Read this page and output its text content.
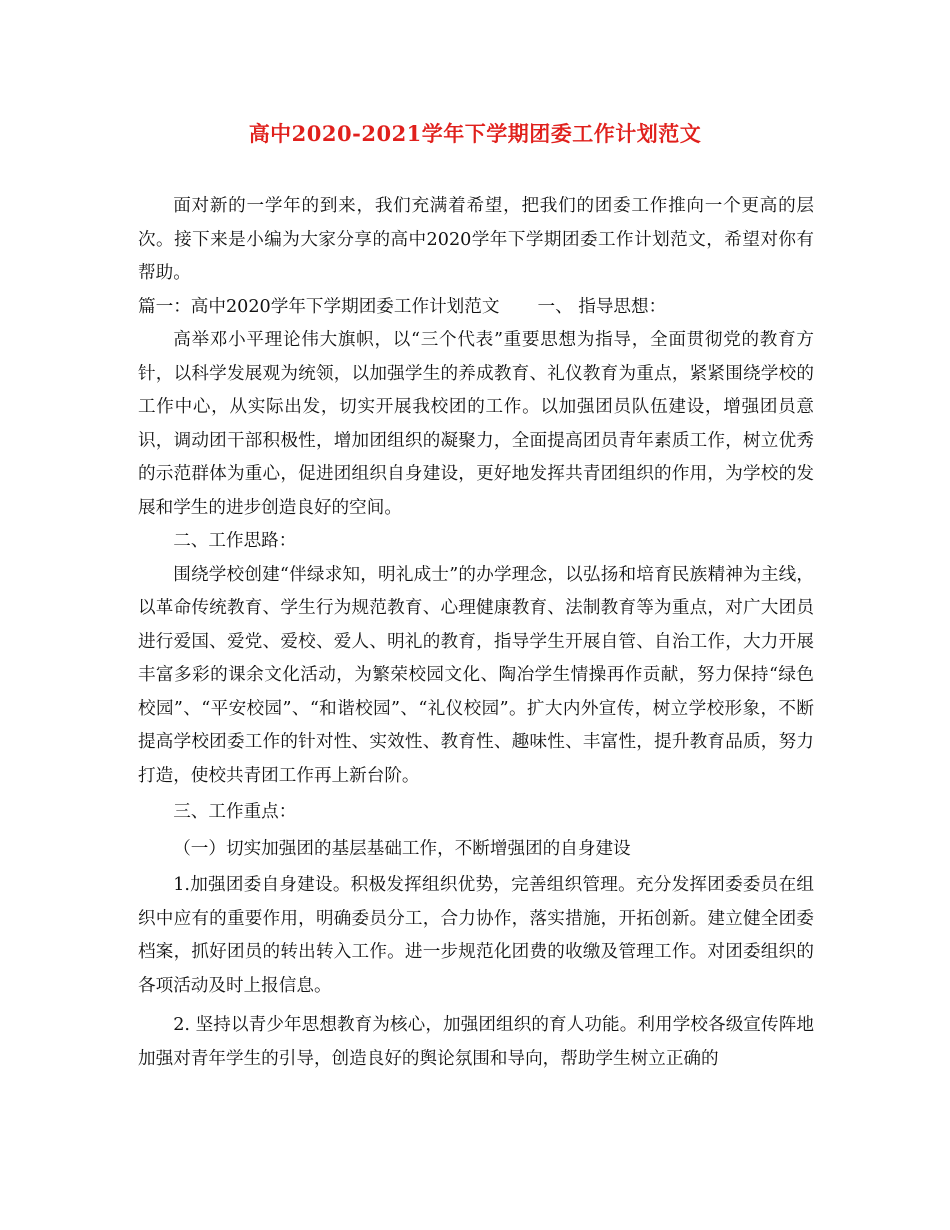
高中2020-2021学年下学期团委工作计划范文

面对新的一学年的到来，我们充满着希望，把我们的团委工作推向一个更高的层次。接下来是小编为大家分享的高中2020学年下学期团委工作计划范文，希望对你有帮助。

篇一：高中2020学年下学期团委工作计划范文 一、 指导思想：

高举邓小平理论伟大旗帜，以“三个代表”重要思想为指导，全面贯彻党的教育方针，以科学发展观为统领，以加强学生的养成教育、礼仪教育为重点，紧紧围绕学校的工作中心，从实际出发，切实开展我校团的工作。以加强团员队伍建设，增强团员意识，调动团干部积极性，增加团组织的凝聚力，全面提高团员青年素质工作，树立优秀的示范群体为重心，促进团组织自身建设，更好地发挥共青团组织的作用，为学校的发展和学生的进步创造良好的空间。

二、工作思路：

围绕学校创建“伴绿求知，明礼成士”的办学理念，以弘扬和培育民族精神为主线，以革命传统教育、学生行为规范教育、心理健康教育、法制教育等为重点，对广大团员进行爱国、爱党、爱校、爱人、明礼的教育，指导学生开展自管、自治工作，大力开展丰富多彩的课余文化活动，为繁荣校园文化、陶冶学生情操再作贡献，努力保持“绿色校园”、“平安校园”、“和谐校园”、“礼仪校园”。扩大内外宣传，树立学校形象，不断提高学校团委工作的针对性、实效性、教育性、趣味性、丰富性，提升教育品质，努力打造，使校共青团工作再上新台阶。

三、工作重点：

（一）切实加强团的基层基础工作，不断增强团的自身建设

1.加强团委自身建设。积极发挥组织优势，完善组织管理。充分发挥团委委员在组织中应有的重要作用，明确委员分工，合力协作，落实措施，开拓创新。建立健全团委档案，抓好团员的转出转入工作。进一步规范化团费的收缴及管理工作。对团委组织的各项活动及时上报信息。

2. 坚持以青少年思想教育为核心，加强团组织的育人功能。利用学校各级宣传阵地加强对青年学生的引导，创造良好的舆论氛围和导向，帮助学生树立正确的
